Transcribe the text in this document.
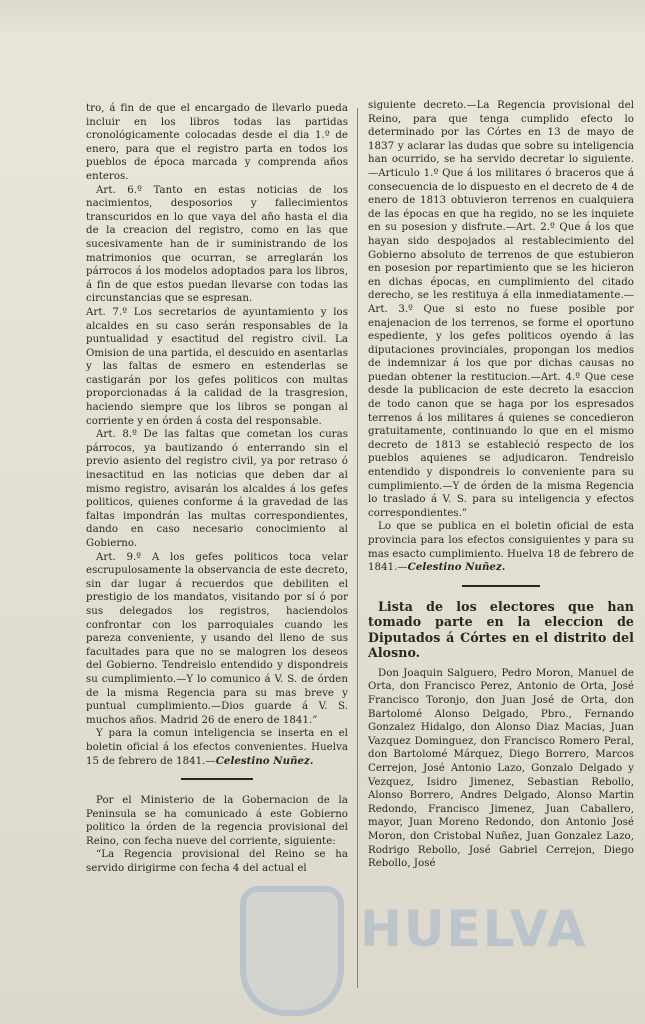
tro, á fin de que el encargado de llevarlo pueda incluir en los libros todas las partidas cronológicamente colocadas desde el dia 1.º de enero, para que el registro parta en todos los pueblos de época marcada y comprenda años enteros.

Art. 6.º Tanto en estas noticias de los nacimientos, desposorios y fallecimientos transcuridos en lo que vaya del año hasta el dia de la creacion del registro, como en las que sucesivamente han de ir suministrando de los matrimonios que ocurran, se arreglarán los párrocos á los modelos adoptados para los libros, á fin de que estos puedan llevarse con todas las circunstancias que se espresan.

Art. 7.º Los secretarios de ayuntamiento y los alcaldes en su caso serán responsables de la puntualidad y esactitud del registro civil. La Omision de una partida, el descuido en asentarlas y las faltas de esmero en estenderlas se castigarán por los gefes politicos con multas proporcionadas á la calidad de la trasgresion, haciendo siempre que los libros se pongan al corriente y en órden á costa del responsable.

Art. 8.º De las faltas que cometan los curas párrocos, ya bautizando ó enterrando sin el previo asiento del registro civil, ya por retraso ó inesactitud en las noticias que deben dar al mismo registro, avisarán los alcaldes á los gefes politicos, quienes conforme á la gravedad de las faltas impondrán las multas correspondientes, dando en caso necesario conocimiento al Gobierno.

Art. 9.º A los gefes politicos toca velar escrupulosamente la observancia de este decreto, sin dar lugar á recuerdos que debiliten el prestigio de los mandatos, visitando por sí ó por sus delegados los registros, haciendolos confrontar con los parroquiales cuando les pareza conveniente, y usando del lleno de sus facultades para que no se malogren los deseos del Gobierno. Tendreislo entendido y dispondreis su cumplimiento.—Y lo comunico á V. S. de órden de la misma Regencia para su mas breve y puntual cumplimiento.—Dios guarde á V. S. muchos años. Madrid 26 de enero de 1841.”

Y para la comun inteligencia se inserta en el boletin oficial á los efectos convenientes. Huelva 15 de febrero de 1841.—Celestino Nuñez.

Por el Ministerio de la Gobernacion de la Peninsula se ha comunicado á este Gobierno politico la órden de la regencia provisional del Reino, con fecha nueve del corriente, siguiente:

“La Regencia provisional del Reino se ha servido dirigirme con fecha 4 del actual el

siguiente decreto.—La Regencia provisional del Reino, para que tenga cumplido efecto lo determinado por las Córtes en 13 de mayo de 1837 y aclarar las dudas que sobre su inteligencia han ocurrido, se ha servido decretar lo siguiente.—Articulo 1.º Que á los militares ó braceros que á consecuencia de lo dispuesto en el decreto de 4 de enero de 1813 obtuvieron terrenos en cualquiera de las épocas en que ha regido, no se les inquiete en su posesion y disfrute.—Art. 2.º Que á los que hayan sido despojados al restablecimiento del Gobierno absoluto de terrenos de que estubieron en posesion por repartimiento que se les hicieron en dichas épocas, en cumplimiento del citado derecho, se les restituya á ella inmediatamente.—Art. 3.º Que si esto no fuese posible por enajenacion de los terrenos, se forme el oportuno espediente, y los gefes politicos oyendo á las diputaciones provinciales, propongan los medios de indemnizar á los que por dichas causas no puedan obtener la restitucion.—Art. 4.º Que cese desde la publicacion de este decreto la esaccion de todo canon que se haga por los espresados terrenos á los militares á quienes se concedieron gratuitamente, continuando lo que en el mismo decreto de 1813 se estableció respecto de los pueblos aquienes se adjudicaron. Tendreislo entendido y dispondreis lo conveniente para su cumplimiento.—Y de órden de la misma Regencia lo traslado á V. S. para su inteligencia y efectos correspondientes.”

Lo que se publica en el boletin oficial de esta provincia para los efectos consiguientes y para su mas esacto cumplimiento. Huelva 18 de febrero de 1841.—Celestino Nuñez.

Lista de los electores que han tomado parte en la eleccion de Diputados á Córtes en el distrito del Alosno.

Don Joaquin Salguero, Pedro Moron, Manuel de Orta, don Francisco Perez, Antonio de Orta, José Francisco Toronjo, don Juan José de Orta, don Bartolomé Alonso Delgado, Pbro., Fernando Gonzalez Hidalgo, don Alonso Diaz Macias, Juan Vazquez Dominguez, don Francisco Romero Peral, don Bartolomé Márquez, Diego Borrero, Marcos Cerrejon, José Antonio Lazo, Gonzalo Delgado y Vezquez, Isidro Jimenez, Sebastian Rebollo, Alonso Borrero, Andres Delgado, Alonso Martin Redondo, Francisco Jimenez, Juan Caballero, mayor, Juan Moreno Redondo, don Antonio José Moron, don Cristobal Nuñez, Juan Gonzalez Lazo, Rodrigo Rebollo, José Gabriel Cerrejon, Diego Rebollo, José

HUELVA
